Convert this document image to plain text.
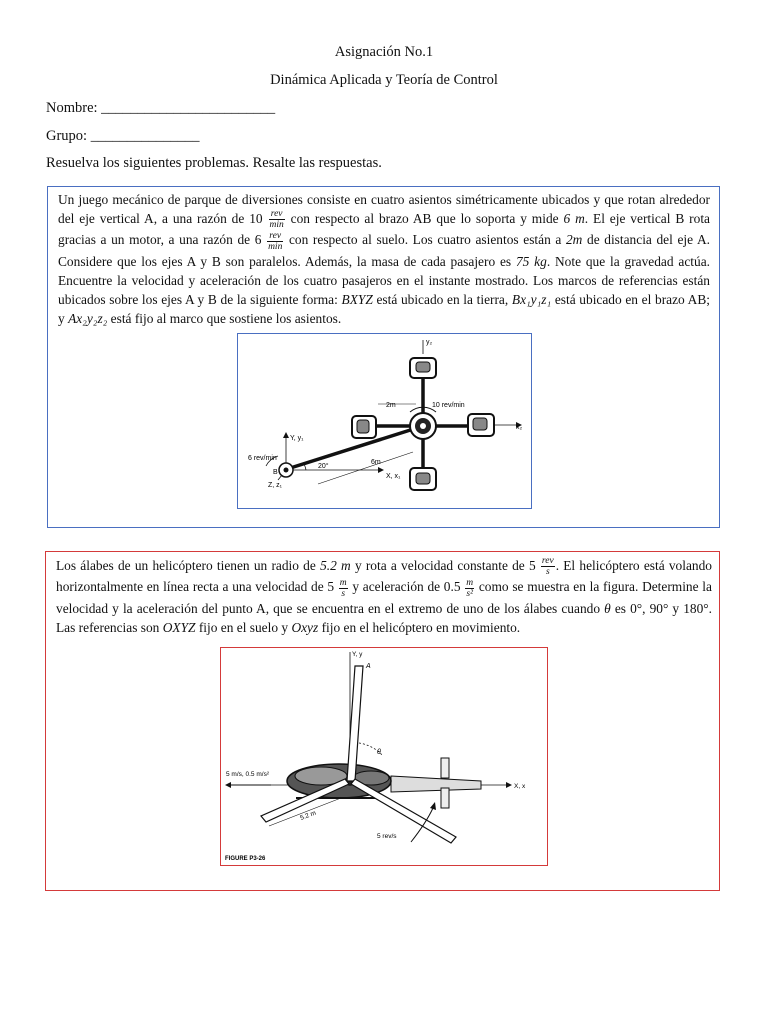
Asignación No.1
Dinámica Aplicada y Teoría de Control
Nombre: ________________________
Grupo: _______________
Resuelva los siguientes problemas. Resalte las respuestas.
Un juego mecánico de parque de diversiones consiste en cuatro asientos simétricamente ubicados y que rotan alrededor del eje vertical A, a una razón de $10 \frac{\text{rev}}{\min}$ con respecto al brazo AB que lo soporta y mide 6 m. El eje vertical B rota gracias a un motor, a una razón de $6 \frac{\text{rev}}{\min}$ con respecto al suelo. Los cuatro asientos están a 2m de distancia del eje A. Considere que los ejes A y B son paralelos. Además, la masa de cada pasajero es 75 kg. Note que la gravedad actúa. Encuentre la velocidad y aceleración de los cuatro pasajeros en el instante mostrado. Los marcos de referencias están ubicados sobre los ejes A y B de la siguiente forma: BXYZ está ubicado en la tierra, Bx₁y₁z₁ está ubicado en el brazo AB; y Ax₂y₂z₂ está fijo al marco que sostiene los asientos.
y₂
2m	10 rev/min
x₂
Y, y₁
6 rev/min
B
Z, z₁
20°
6m
X, x₁
Los álabes de un helicóptero tienen un radio de 5.2 m y rota a velocidad constante de $5 \frac{\text{rev}}{s}$ . El helicóptero está volando horizontalmente en línea recta a una velocidad de $5 \frac{m}{s}$ y aceleración de $0.5 \frac{m}{\text{s²}}$ como se muestra en la figura. Determine la velocidad y la aceleración del punto A, que se encuentra en el extremo de uno de los álabes cuando θ es 0°, 90° y 180°. Las referencias son OXYZ fijo en el suelo y Oxyz fijo en el helicóptero en movimiento.
Y, y
A
θ
5 m/s, 0.5 m/s²
X, x
5.2 m
5 rev/s
FIGURE P3-26
